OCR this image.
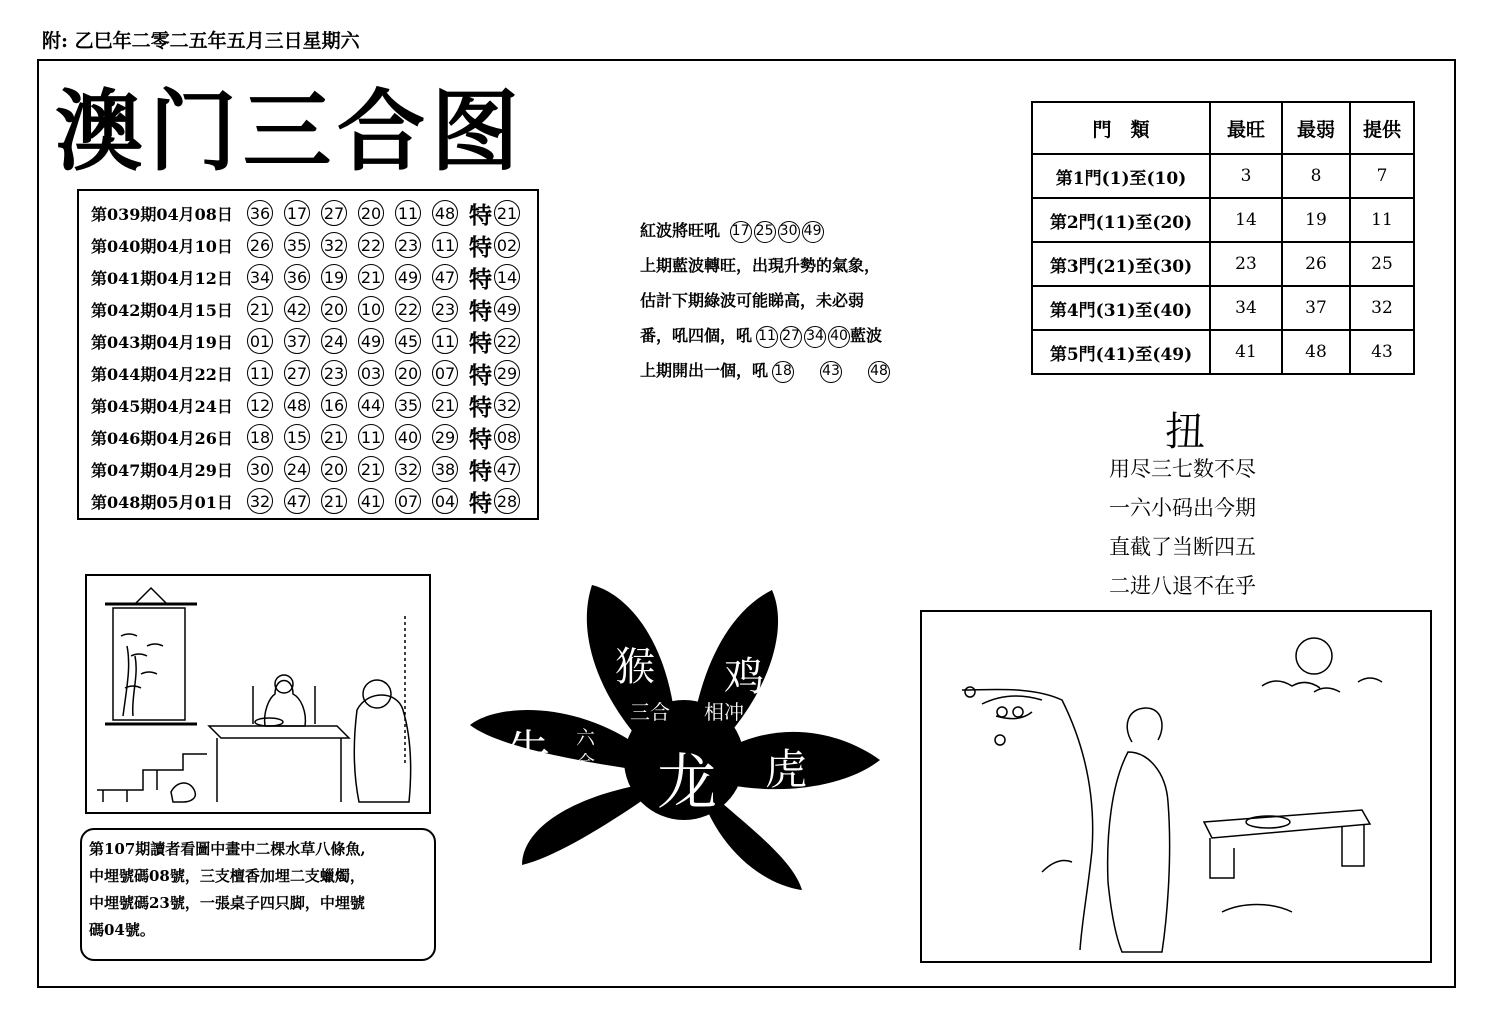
附: 乙巳年二零二五年五月三日星期六
澳门三合图
第039期04月08日	36 17 27 20 11 48 特 21
第040期04月10日	26 35 32 22 23 11 特 02
第041期04月12日	34 36 19 21 49 47 特 14
第042期04月15日	21 42 20 10 22 23 特 49
第043期04月19日	01 37 24 49 45 11 特 22
第044期04月22日	11 27 23 03 20 07 特 29
第045期04月24日	12 48 16 44 35 21 特 32
第046期04月26日	18 15 21 11 40 29 特 08
第047期04月29日	30 24 20 21 32 38 特 47
第048期05月01日	32 47 21 41 07 04 特 28
紅波將旺吼 17 25 30 49
上期藍波轉旺，出現升勢的氣象，
估計下期綠波可能睇高，未必弱
番，吼四個，吼 11 27 34 40 藍波
上期開出一個，吼 18 43 48
門　類	最旺	最弱	提供
第1門(1)至(10)	3	8	7
第2門(11)至(20)	14	19	11
第3門(21)至(30)	23	26	25
第4門(31)至(40)	34	37	32
第5門(41)至(49)	41	48	43
扭
用尽三七数不尽
一六小码出今期
直截了当断四五
二进八退不在乎
第107期讀者看圖中畫中二棵水草八條魚,
中埋號碼08號，三支檀香加埋二支蠟燭，
中埋號碼23號，一張桌子四只脚，中埋號
碼04號。
猴 鸡
三合 相冲
牛 六
合 龙 虎
